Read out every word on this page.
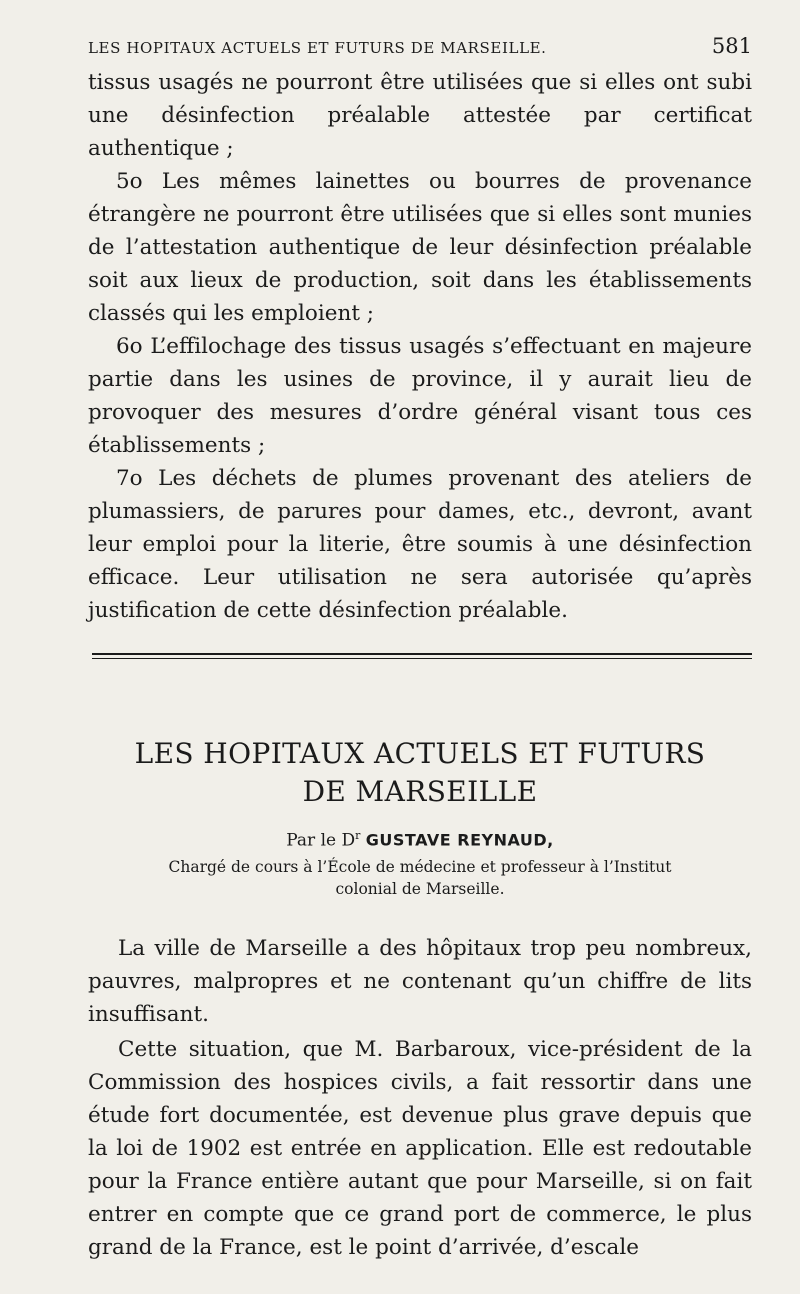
LES HOPITAUX ACTUELS ET FUTURS DE MARSEILLE.	581

tissus usagés ne pourront être utilisées que si elles ont subi une désinfection préalable attestée par certificat authentique ;

5o Les mêmes lainettes ou bourres de provenance étrangère ne pourront être utilisées que si elles sont munies de l’attestation authentique de leur désinfection préalable soit aux lieux de production, soit dans les établissements classés qui les emploient ;

6o L’effilochage des tissus usagés s’effectuant en majeure partie dans les usines de province, il y aurait lieu de provoquer des mesures d’ordre général visant tous ces établissements ;

7o Les déchets de plumes provenant des ateliers de plumassiers, de parures pour dames, etc., devront, avant leur emploi pour la literie, être soumis à une désinfection efficace. Leur utilisation ne sera autorisée qu’après justification de cette désinfection préalable.

LES HOPITAUX ACTUELS ET FUTURS
DE MARSEILLE
Par le $D^r$ GUSTAVE REYNAUD,
Chargé de cours à l’École de médecine et professeur à l’Institut colonial de Marseille.

La ville de Marseille a des hôpitaux trop peu nombreux, pauvres, malpropres et ne contenant qu’un chiffre de lits insuffisant.

Cette situation, que M. Barbaroux, vice-président de la Commission des hospices civils, a fait ressortir dans une étude fort documentée, est devenue plus grave depuis que la loi de 1902 est entrée en application. Elle est redoutable pour la France entière autant que pour Marseille, si on fait entrer en compte que ce grand port de commerce, le plus grand de la France, est le point d’arrivée, d’escale
